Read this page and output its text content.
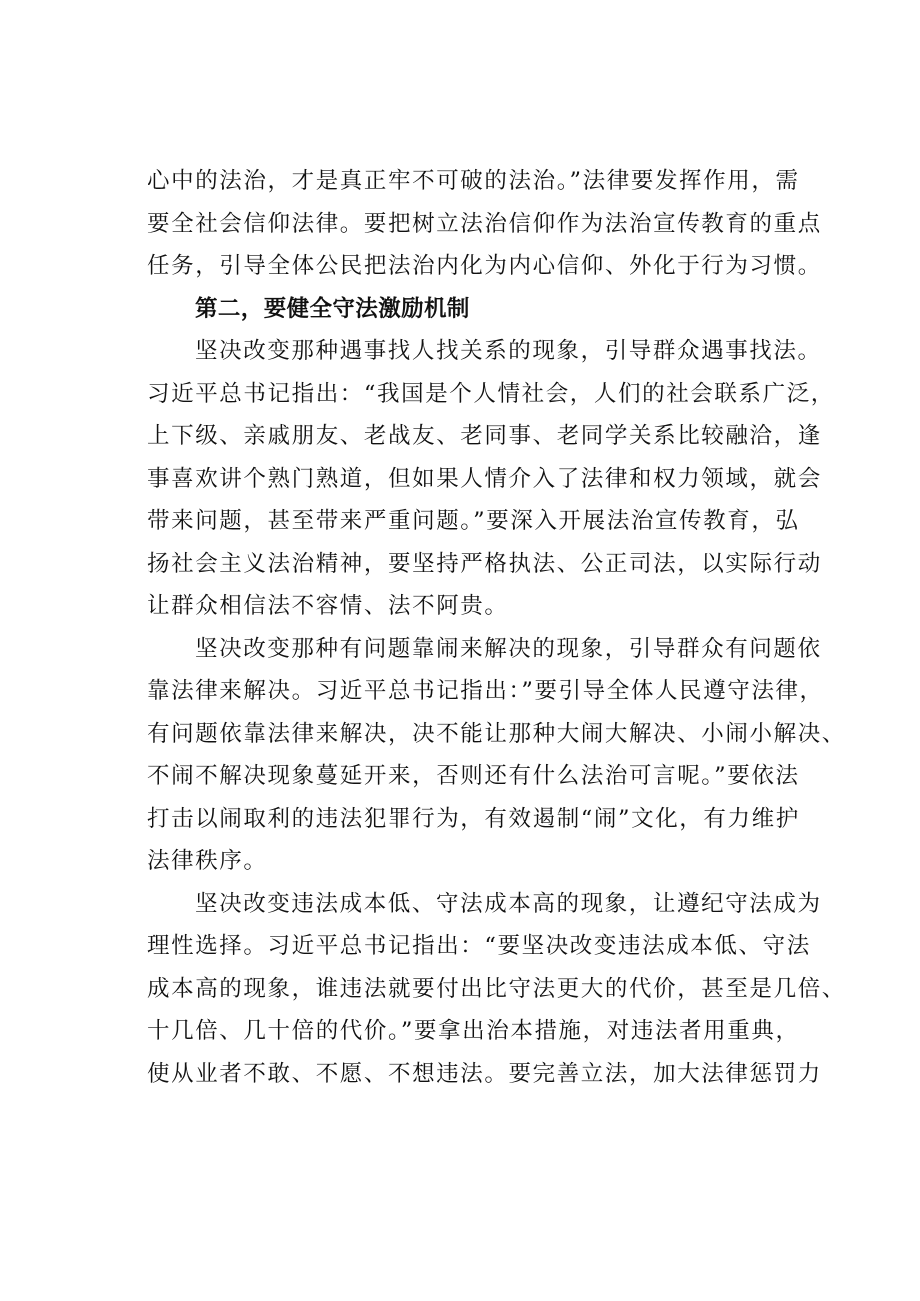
心中的法治，才是真正牢不可破的法治。”法律要发挥作用，需
要全社会信仰法律。要把树立法治信仰作为法治宣传教育的重点
任务，引导全体公民把法治内化为内心信仰、外化于行为习惯。
第二，要健全守法激励机制
坚决改变那种遇事找人找关系的现象，引导群众遇事找法。
习近平总书记指出：“我国是个人情社会，人们的社会联系广泛，
上下级、亲戚朋友、老战友、老同事、老同学关系比较融洽，逢
事喜欢讲个熟门熟道，但如果人情介入了法律和权力领域，就会
带来问题，甚至带来严重问题。”要深入开展法治宣传教育，弘
扬社会主义法治精神，要坚持严格执法、公正司法，以实际行动
让群众相信法不容情、法不阿贵。
坚决改变那种有问题靠闹来解决的现象，引导群众有问题依
靠法律来解决。习近平总书记指出：”要引导全体人民遵守法律，
有问题依靠法律来解决，决不能让那种大闹大解决、小闹小解决、
不闹不解决现象蔓延开来，否则还有什么法治可言呢。”要依法
打击以闹取利的违法犯罪行为，有效遏制“闹”文化，有力维护
法律秩序。
坚决改变违法成本低、守法成本高的现象，让遵纪守法成为
理性选择。习近平总书记指出：“要坚决改变违法成本低、守法
成本高的现象，谁违法就要付出比守法更大的代价，甚至是几倍、
十几倍、几十倍的代价。”要拿出治本措施，对违法者用重典，
使从业者不敢、不愿、不想违法。要完善立法，加大法律惩罚力
